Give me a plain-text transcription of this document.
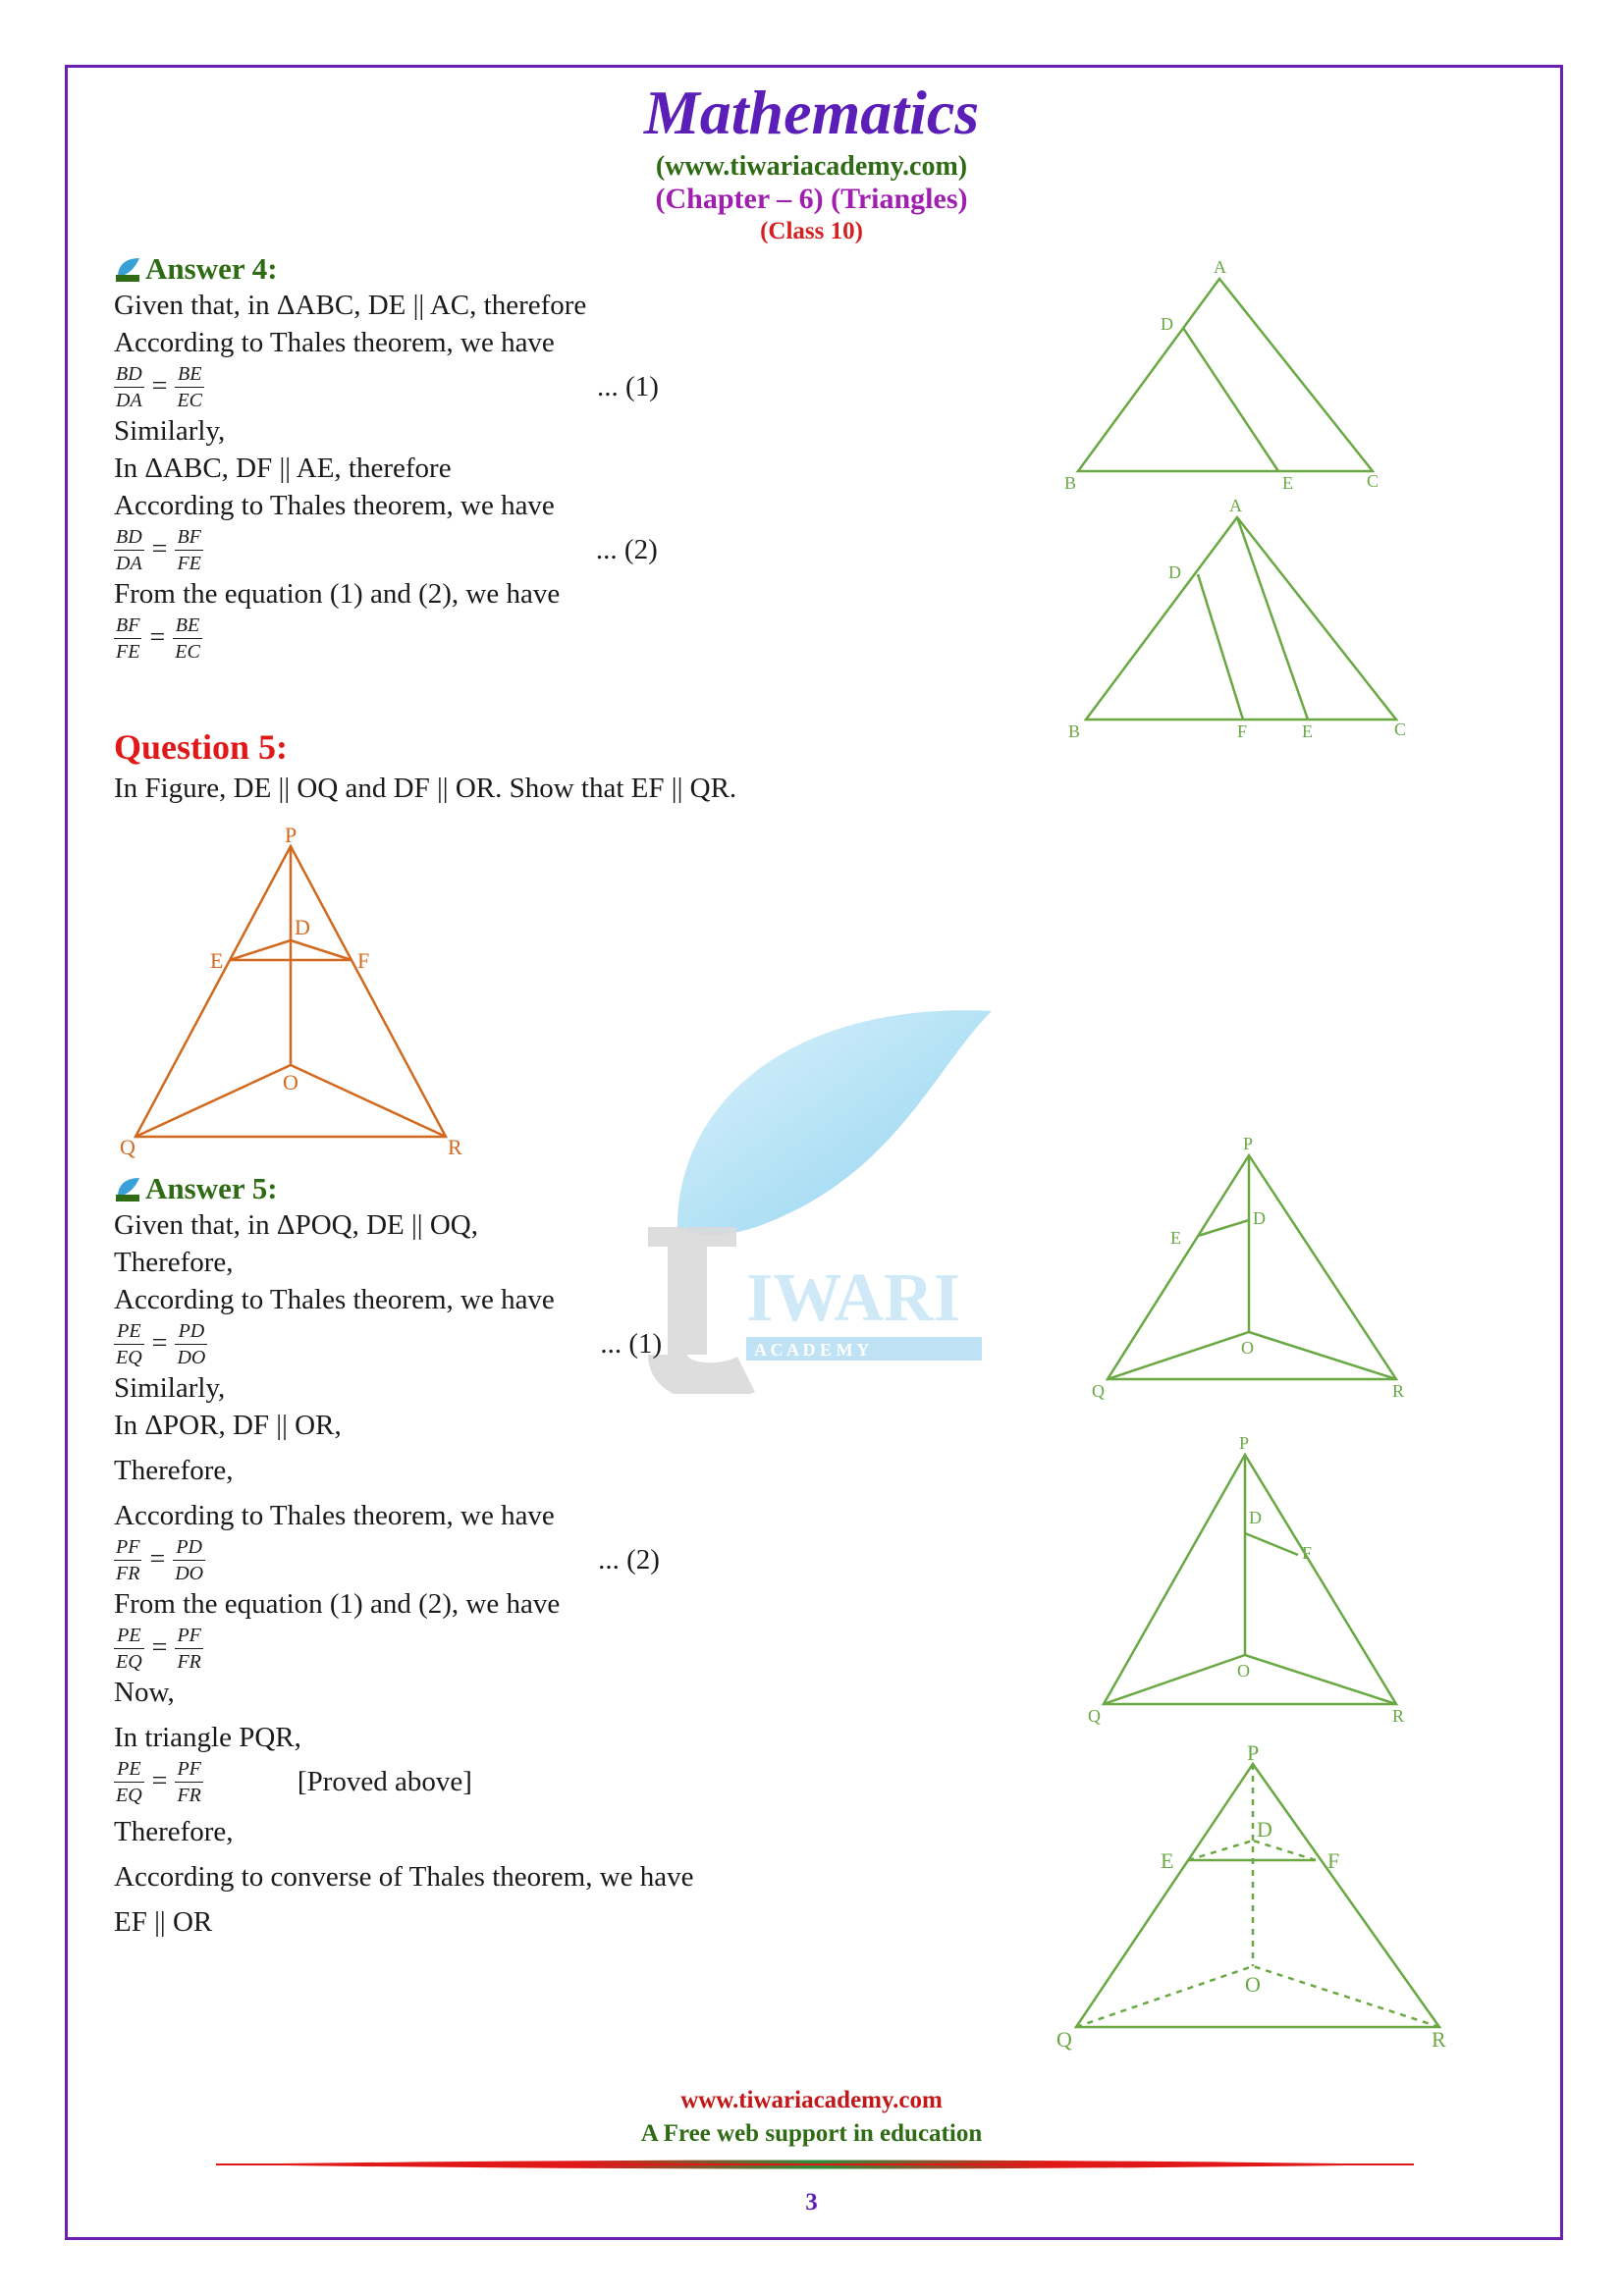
IWARI
A C A D E M Y
Mathematics
(www.tiwariacademy.com)
(Chapter – 6) (Triangles)
(Class 10)
Answer 4:
Given that, in ΔABC, DE || AC, therefore
According to Thales theorem, we have
$\frac{BD}{DA} = \frac{BE}{EC}$	... (1)
Similarly,
In ΔABC, DF || AE, therefore
According to Thales theorem, we have
$\frac{BD}{DA} = \frac{BF}{FE}$	... (2)
From the equation (1) and (2), we have
$\frac{BF}{FE} = \frac{BE}{EC}$
A
D
B	E	C
A
D
B	F	E	C
Question 5:
In Figure, DE || OQ and DF || OR. Show that EF || QR.
P
E
D
F
O
Q	R
Answer 5:
Given that, in ΔPOQ, DE || OQ,
Therefore,
According to Thales theorem, we have
$\frac{PE}{EQ} = \frac{PD}{DO}$	... (1)
Similarly,
In ΔPOR, DF || OR,
Therefore,
According to Thales theorem, we have
$\frac{PF}{FR} = \frac{PD}{DO}$	... (2)
From the equation (1) and (2), we have
$\frac{PE}{EQ} = \frac{PF}{FR}$
Now,
In triangle PQR,
$\frac{PE}{EQ} = \frac{PF}{FR}$	[Proved above]
Therefore,
According to converse of Thales theorem, we have
EF || OR
P
E
D
O
Q	R
P
D
F
O
Q	R
P
D
E	F
O
Q	R
www.tiwariacademy.com
A Free web support in education
3
